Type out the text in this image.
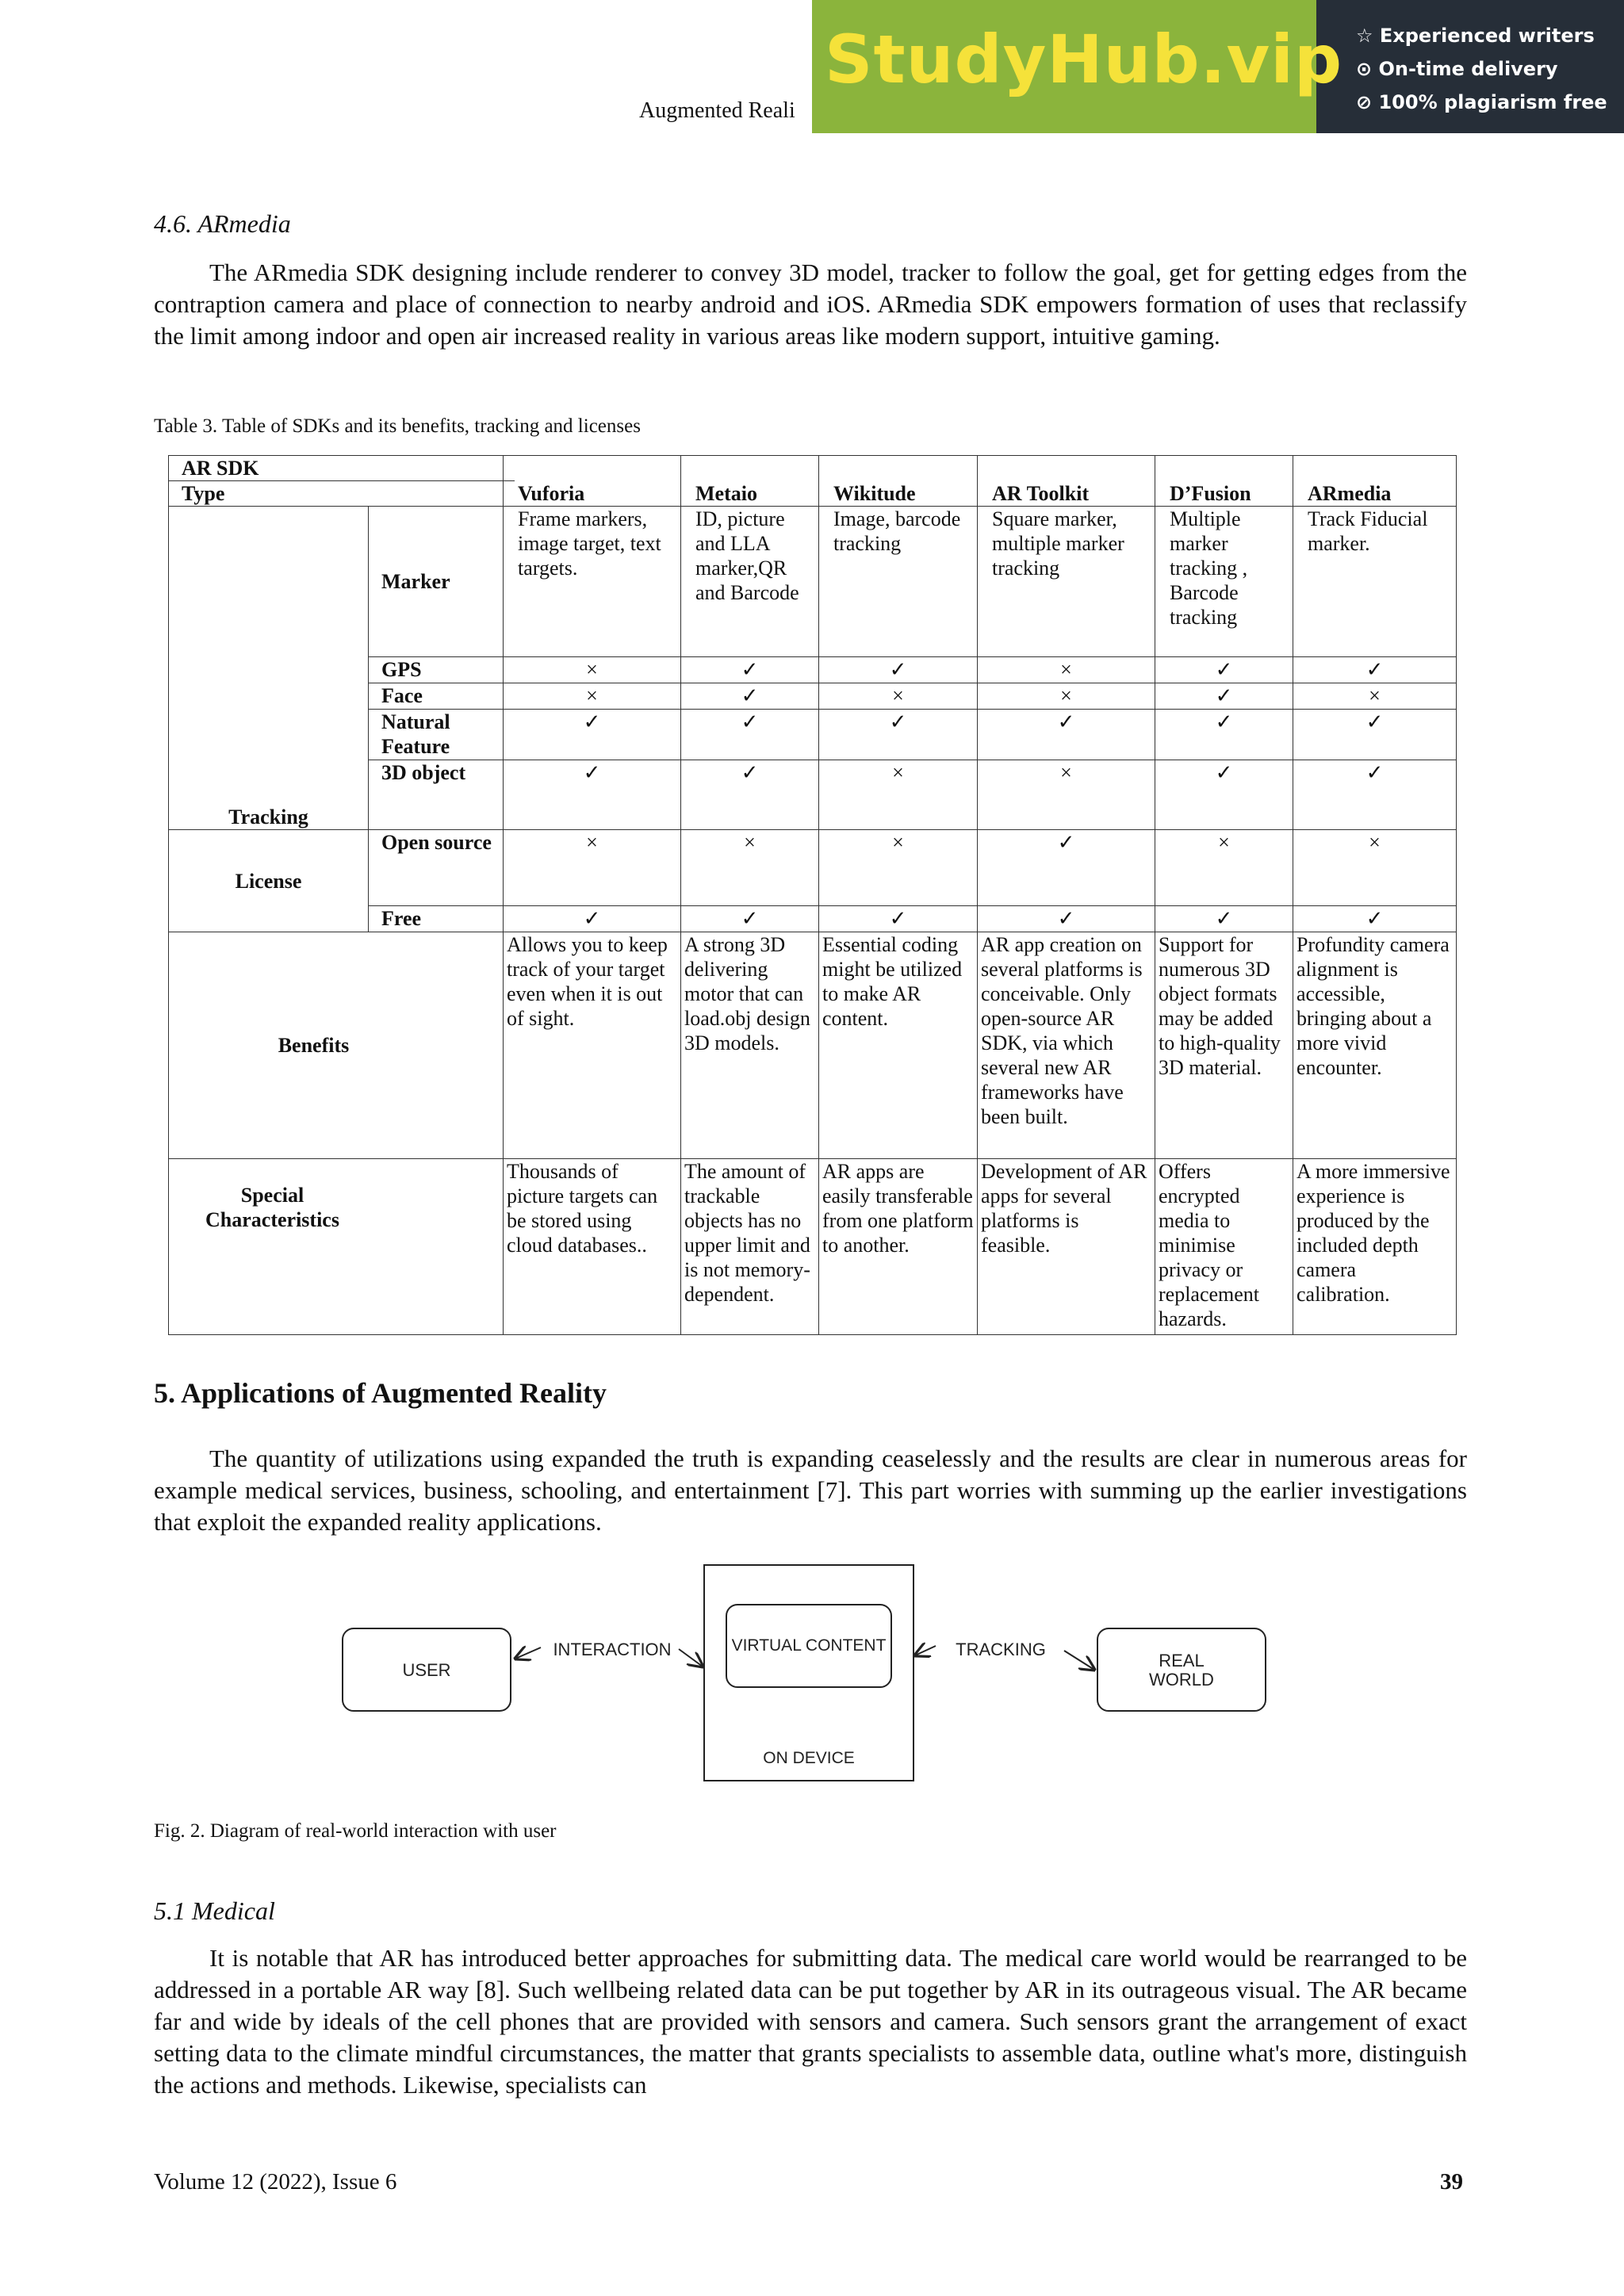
Augmented Reali
StudyHub.vip ☆ Experienced writers
⊙ On-time delivery
⊘ 100% plagiarism free
4.6. ARmedia
The ARmedia SDK designing include renderer to convey 3D model, tracker to follow the goal, get for getting edges from the contraption camera and place of connection to nearby android and iOS. ARmedia SDK empowers formation of uses that reclassify the limit among indoor and open air increased reality in various areas like modern support, intuitive gaming.
Table 3. Table of SDKs and its benefits, tracking and licenses
AR SDK
Type		Vuforia	Metaio	Wikitude	AR Toolkit	D’Fusion	ARmedia
Tracking	Marker	Frame markers, image target, text targets.	ID, picture and LLA marker,QR and Barcode	Image, barcode tracking	Square marker, multiple marker tracking	Multiple marker tracking , Barcode tracking	Track Fiducial marker.
	GPS	×	✓	✓	×	✓	✓
	Face	×	✓	×	×	✓	×
	Natural Feature	✓	✓	✓	✓	✓	✓
	3D object	✓	✓	×	×	✓	✓
License	Open source	×	×	×	✓	×	×
	Free	✓	✓	✓	✓	✓	✓
Benefits		Allows you to keep track of your target even when it is out of sight.	A strong 3D delivering motor that can load.obj design 3D models.	Essential coding might be utilized to make AR content.	AR app creation on several platforms is conceivable. Only open-source AR SDK, via which several new AR frameworks have been built.	Support for numerous 3D object formats may be added to high-quality 3D material.	Profundity camera alignment is accessible, bringing about a more vivid encounter.
Special Characteristics		Thousands of picture targets can be stored using cloud databases..	The amount of trackable objects has no upper limit and is not memory-dependent.	AR apps are easily transferable from one platform to another.	Development of AR apps for several platforms is feasible.	Offers encrypted media to minimise privacy or replacement hazards.	A more immersive experience is produced by the included depth camera calibration.
5. Applications of Augmented Reality
The quantity of utilizations using expanded the truth is expanding ceaselessly and the results are clear in numerous areas for example medical services, business, schooling, and entertainment [7]. This part worries with summing up the earlier investigations that exploit the expanded reality applications.
USER
VIRTUAL CONTENT
ON DEVICE
REAL
WORLD
INTERACTION	TRACKING
Fig. 2. Diagram of real-world interaction with user
5.1 Medical
It is notable that AR has introduced better approaches for submitting data. The medical care world would be rearranged to be addressed in a portable AR way [8]. Such wellbeing related data can be put together by AR in its outrageous visual. The AR became far and wide by ideals of the cell phones that are provided with sensors and camera. Such sensors grant the arrangement of exact setting data to the climate mindful circumstances, the matter that grants specialists to assemble data, outline what's more, distinguish the actions and methods. Likewise, specialists can
Volume 12 (2022), Issue 6	39
